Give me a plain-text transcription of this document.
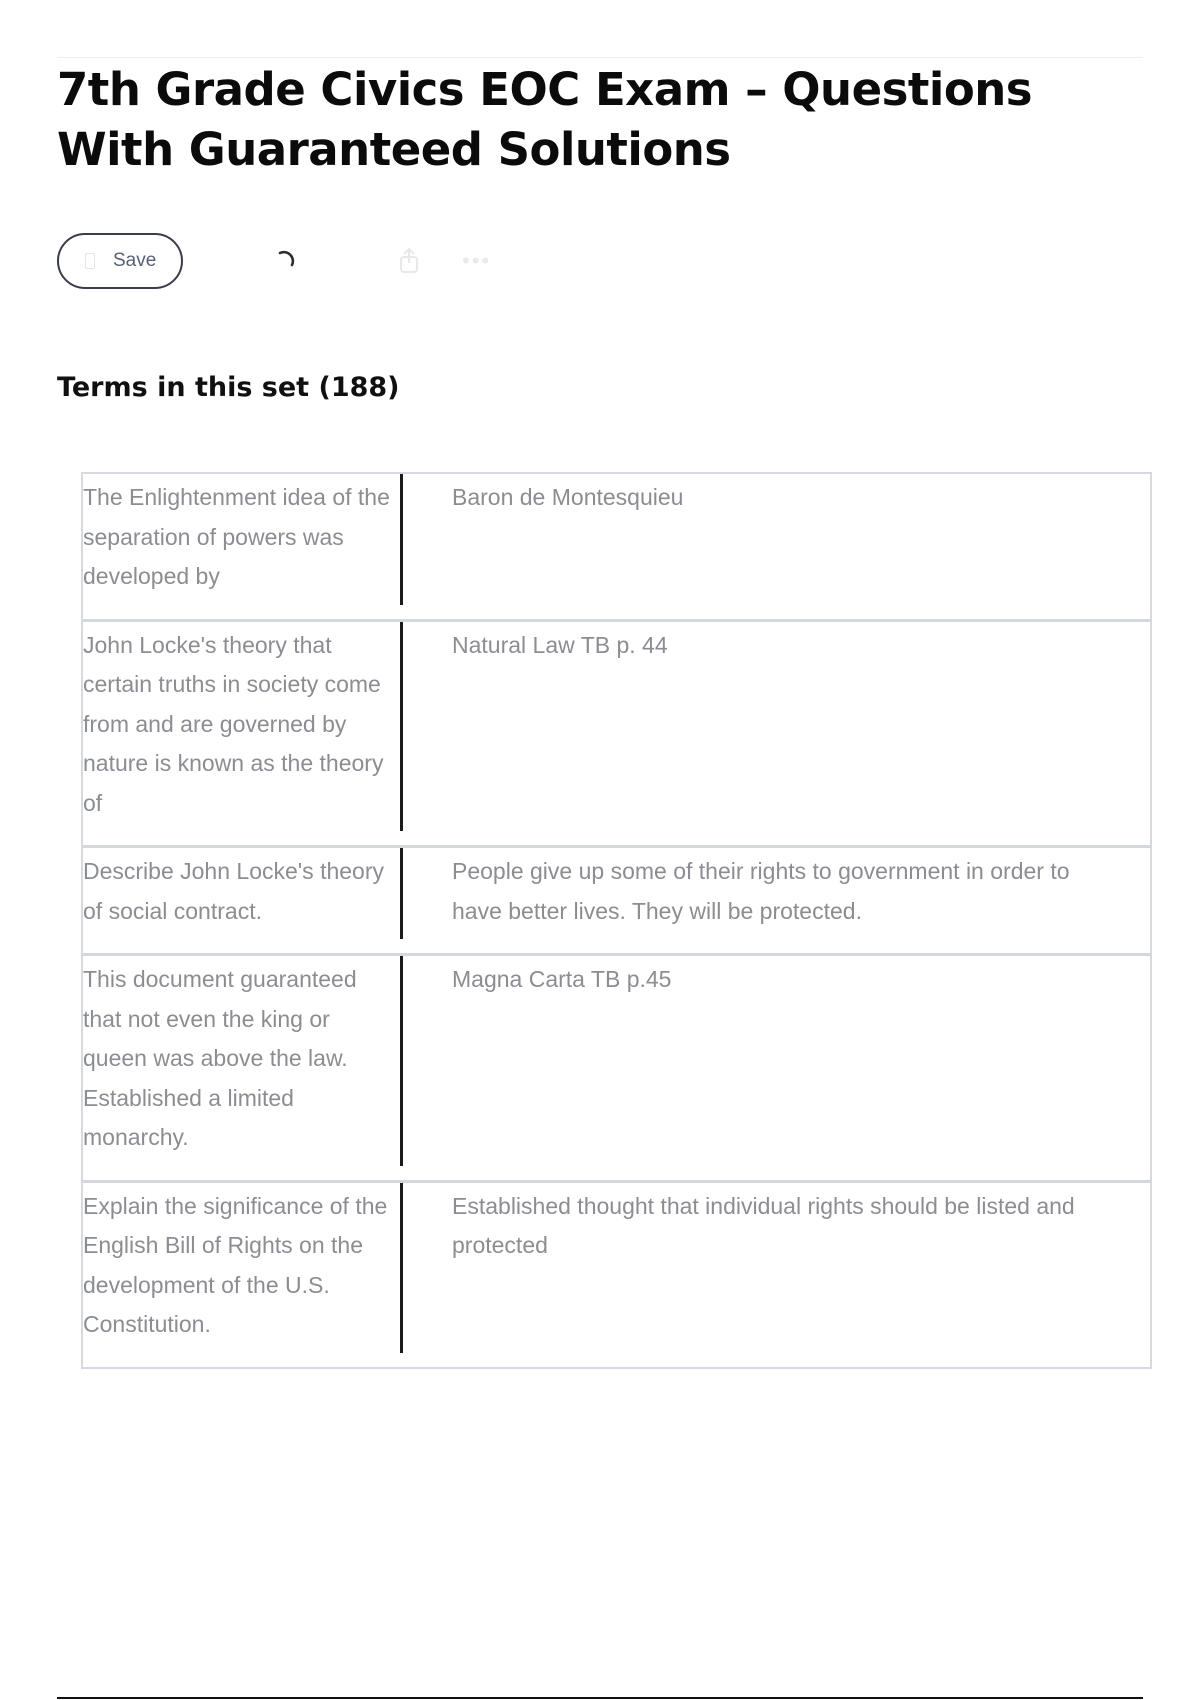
7th Grade Civics EOC Exam – Questions With Guaranteed Solutions
Save	•••
Terms in this set (188)
The Enlightenment idea of the separation of powers was developed by
Baron de Montesquieu
John Locke's theory that certain truths in society come from and are governed by nature is known as the theory of
Natural Law TB p. 44
Describe John Locke's theory of social contract.
People give up some of their rights to government in order to have better lives. They will be protected.
This document guaranteed that not even the king or queen was above the law. Established a limited monarchy.
Magna Carta TB p.45
Explain the significance of the English Bill of Rights on the development of the U.S. Constitution.
Established thought that individual rights should be listed and protected
